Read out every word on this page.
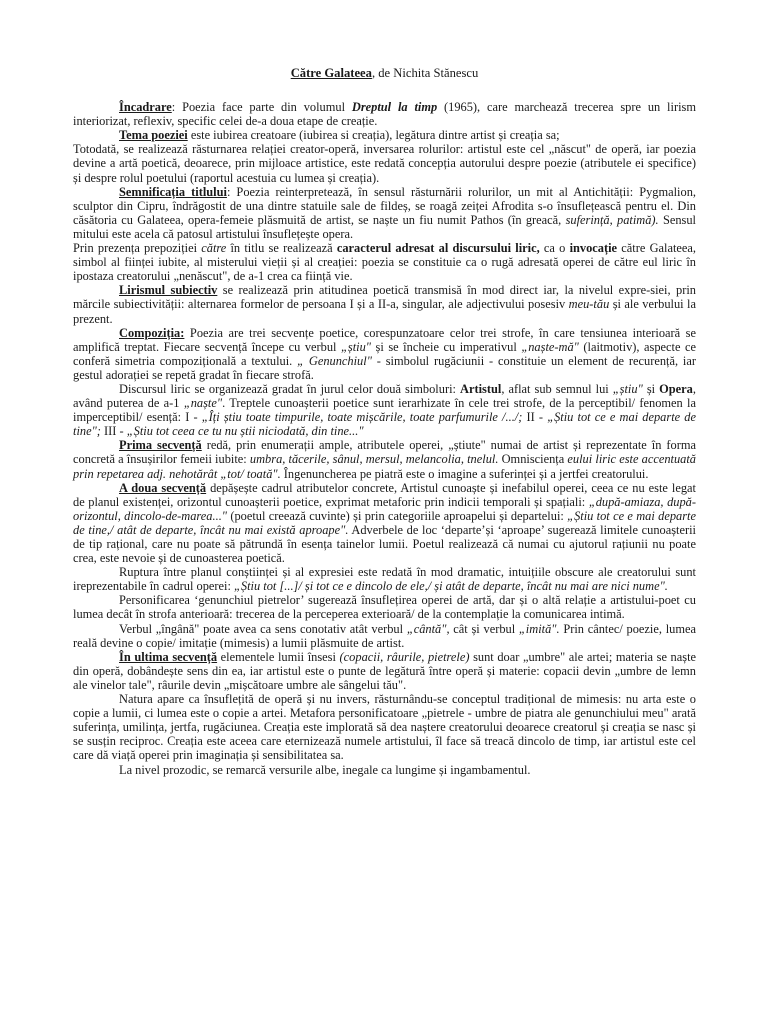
Către Galateea, de Nichita Stănescu

Încadrare: Poezia face parte din volumul Dreptul la timp (1965), care marchează trecerea spre un lirism interiorizat, reflexiv, specific celei de-a doua etape de creație.

Tema poeziei este iubirea creatoare (iubirea si creația), legătura dintre artist și creația sa;

Totodată, se realizează răsturnarea relației creator-operă, inversarea rolurilor: artistul este cel „născut" de operă, iar poezia devine a artă poetică, deoarece, prin mijloace artistice, este redată concepția autorului despre poezie (atributele ei specifice) și despre rolul poetului (raportul acestuia cu lumea și creația).

Semnificația titlului: Poezia reinterpretează, în sensul răsturnării rolurilor, un mit al Antichității: Pygmalion, sculptor din Cipru, îndrăgostit de una dintre statuile sale de fildeș, se roagă zeiței Afrodita s-o însuflețească pentru el. Din căsătoria cu Galateea, opera-femeie plăsmuită de artist, se naște un fiu numit Pathos (în greacă, suferință, patimă). Sensul mitului este acela că patosul artistului însuflețește opera.

Prin prezența prepoziției către în titlu se realizează caracterul adresat al discursului liric, ca o invocație către Galateea, simbol al ființei iubite, al misterului vieții și al creației: poezia se constituie ca o rugă adresată operei de către eul liric în ipostaza creatorului „nenăscut", de a-1 crea ca ființă vie.

Lirismul subiectiv se realizează prin atitudinea poetică transmisă în mod direct iar, la nivelul expre-siei, prin mărcile subiectivității: alternarea formelor de persoana I și a II-a, singular, ale adjectivului posesiv meu-tău și ale verbului la prezent.

Compoziția: Poezia are trei secvențe poetice, corespunzatoare celor trei strofe, în care tensiunea interioară se amplifică treptat. Fiecare secvență începe cu verbul „știu" și se încheie cu imperativul „naște-mă" (laitmotiv), aspecte ce conferă simetria compozițională a textului. „ Genunchiul" - simbolul rugăciunii - constituie un element de recurență, iar gestul adorației se repetă gradat în fiecare strofă.

Discursul liric se organizează gradat în jurul celor două simboluri: Artistul, aflat sub semnul lui „știu" și Opera, având puterea de a-1 „naște". Treptele cunoașterii poetice sunt ierarhizate în cele trei strofe, de la perceptibil/ fenomen la imperceptibil/ esență: I - „Îți știu toate timpurile, toate mișcările, toate parfumurile /.../; II - „Știu tot ce e mai departe de tine"; III - „Știu tot ceea ce tu nu știi niciodată, din tine..."

Prima secvență redă, prin enumerații ample, atributele operei, „știute" numai de artist și reprezentate în forma concretă a însușirilor femeii iubite: umbra, tăcerile, sânul, mersul, melancolia, tnelul. Omnisciența eului liric este accentuată prin repetarea adj. nehotărât „tot/ toată". Îngenuncherea pe piatră este o imagine a suferinței și a jertfei creatorului.

A doua secvență depășește cadrul atributelor concrete, Artistul cunoaște și inefabilul operei, ceea ce nu este legat de planul existenței, orizontul cunoașterii poetice, exprimat metaforic prin indicii temporali și spațiali: „după-amiaza, după-orizontul, dincolo-de-marea..." (poetul creează cuvinte) și prin categoriile aproapelui și departelui: „Știu tot ce e mai departe de tine,/ atât de departe, încât nu mai există aproape". Adverbele de loc ‘departe’și ‘aproape’ sugerează limitele cunoașterii de tip rațional, care nu poate să pătrundă în esența tainelor lumii. Poetul realizează că numai cu ajutorul rațiunii nu poate crea, este nevoie și de cunoasterea poetică.

Ruptura între planul conștiinței și al expresiei este redată în mod dramatic, intuițiile obscure ale creatorului sunt ireprezentabile în cadrul operei: „Știu tot [...]/ și tot ce e dincolo de ele,/ și atât de departe, încât nu mai are nici nume".

Personificarea ‘genunchiul pietrelor’ sugerează însuflețirea operei de artă, dar și o altă relație a artistului-poet cu lumea decât în strofa anterioară: trecerea de la perceperea exterioară/ de la contemplație la comunicarea intimă.

Verbul „îngână" poate avea ca sens conotativ atât verbul „cântă", cât și verbul „imită". Prin cântec/ poezie, lumea reală devine o copie/ imitație (mimesis) a lumii plăsmuite de artist.

În ultima secvență elementele lumii însesi (copacii, râurile, pietrele) sunt doar „umbre" ale artei; materia se naște din operă, dobândește sens din ea, iar artistul este o punte de legătură între operă și materie: copacii devin „umbre de lemn ale vinelor tale", râurile devin „mișcătoare umbre ale sângelui tău".

Natura apare ca însuflețită de operă și nu invers, răsturnându-se conceptul tradițional de mimesis: nu arta este o copie a lumii, ci lumea este o copie a artei. Metafora personificatoare „pietrele - umbre de piatra ale genunchiului meu" arată suferința, umilința, jertfa, rugăciunea. Creația este implorată să dea naștere creatorului deoarece creatorul și creația se nasc și se susțin reciproc. Creația este aceea care eternizează numele artistului, îl face să treacă dincolo de timp, iar artistul este cel care dă viață operei prin imaginația și sensibilitatea sa.

La nivel prozodic, se remarcă versurile albe, inegale ca lungime și ingambamentul.
